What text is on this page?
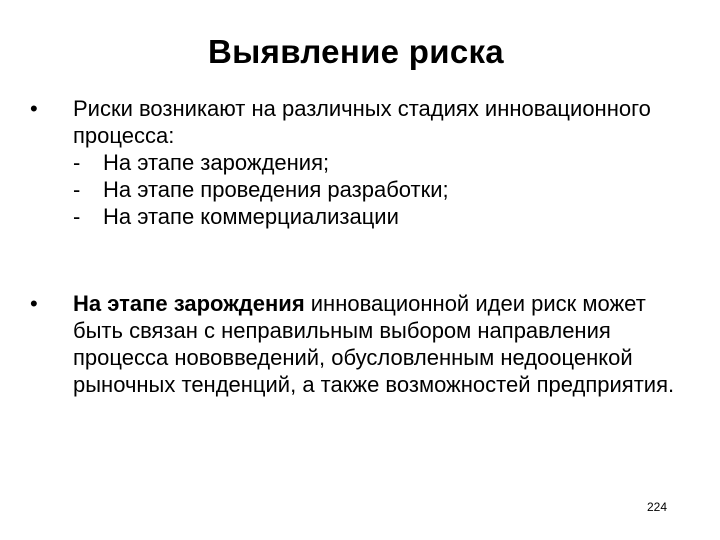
Выявление риска
•	Риски возникают на различных стадиях инновационного процесса:
- На этапе зарождения;
- На этапе проведения разработки;
- На этапе коммерциализации
•	На этапе зарождения инновационной идеи риск может быть связан с неправильным выбором направления процесса нововведений, обусловленным недооценкой рыночных тенденций, а также возможностей предприятия.
224
